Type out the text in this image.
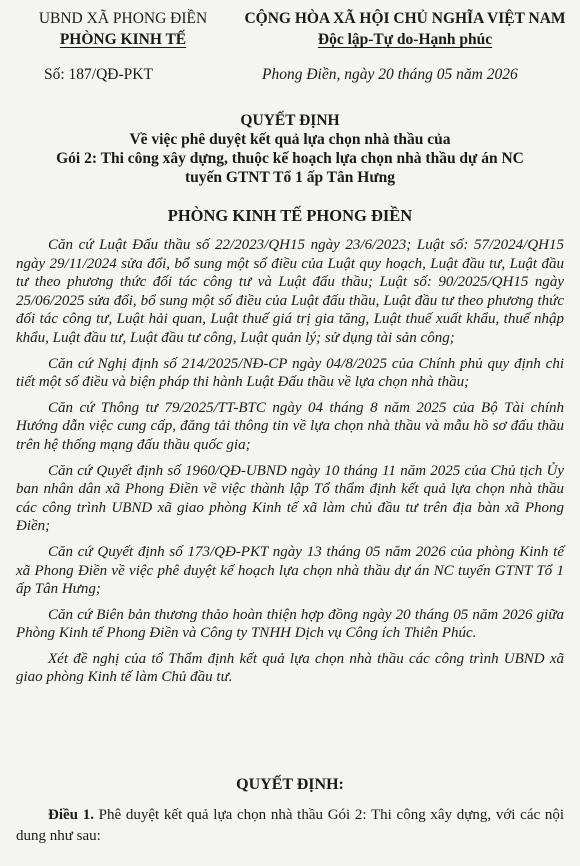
UBND XÃ PHONG ĐIỀN
PHÒNG KINH TẾ
CỘNG HÒA XÃ HỘI CHỦ NGHĨA VIỆT NAM
Độc lập-Tự do-Hạnh phúc
Số: 187/QĐ-PKT	Phong Điền, ngày 20 tháng 05 năm 2026
QUYẾT ĐỊNH
Về việc phê duyệt kết quả lựa chọn nhà thầu của
Gói 2: Thi công xây dựng, thuộc kế hoạch lựa chọn nhà thầu dự án NC
tuyến GTNT Tổ 1 ấp Tân Hưng
PHÒNG KINH TẾ PHONG ĐIỀN

Căn cứ Luật Đấu thầu số 22/2023/QH15 ngày 23/6/2023; Luật số: 57/2024/QH15 ngày 29/11/2024 sửa đổi, bổ sung một số điều của Luật quy hoạch, Luật đầu tư, Luật đầu tư theo phương thức đối tác công tư và Luật đấu thầu; Luật số: 90/2025/QH15 ngày 25/06/2025 sửa đổi, bổ sung một số điều của Luật đấu thầu, Luật đầu tư theo phương thức đối tác công tư, Luật hải quan, Luật thuế giá trị gia tăng, Luật thuế xuất khẩu, thuế nhập khẩu, Luật đầu tư, Luật đầu tư công, Luật quản lý; sử dụng tài sản công;

Căn cứ Nghị định số 214/2025/NĐ-CP ngày 04/8/2025 của Chính phủ quy định chi tiết một số điều và biện pháp thi hành Luật Đấu thầu về lựa chọn nhà thầu;

Căn cứ Thông tư 79/2025/TT-BTC ngày 04 tháng 8 năm 2025 của Bộ Tài chính Hướng dẫn việc cung cấp, đăng tải thông tin về lựa chọn nhà thầu và mẫu hồ sơ đấu thầu trên hệ thống mạng đấu thầu quốc gia;

Căn cứ Quyết định số 1960/QĐ-UBND ngày 10 tháng 11 năm 2025 của Chủ tịch Ủy ban nhân dân xã Phong Điền về việc thành lập Tổ thẩm định kết quả lựa chọn nhà thầu các công trình UBND xã giao phòng Kinh tế xã làm chủ đầu tư trên địa bàn xã Phong Điền;

Căn cứ Quyết định số 173/QĐ-PKT ngày 13 tháng 05 năm 2026 của phòng Kinh tế xã Phong Điền về việc phê duyệt kế hoạch lựa chọn nhà thầu dự án NC tuyến GTNT Tổ 1 ấp Tân Hưng;

Căn cứ Biên bản thương thảo hoàn thiện hợp đồng ngày 20 tháng 05 năm 2026 giữa Phòng Kinh tế Phong Điền và Công ty TNHH Dịch vụ Công ích Thiên Phúc.

Xét đề nghị của tổ Thẩm định kết quả lựa chọn nhà thầu các công trình UBND xã giao phòng Kinh tế làm Chủ đầu tư.

QUYẾT ĐỊNH:
Điều 1. Phê duyệt kết quả lựa chọn nhà thầu Gói 2: Thi công xây dựng, với các nội dung như sau:
